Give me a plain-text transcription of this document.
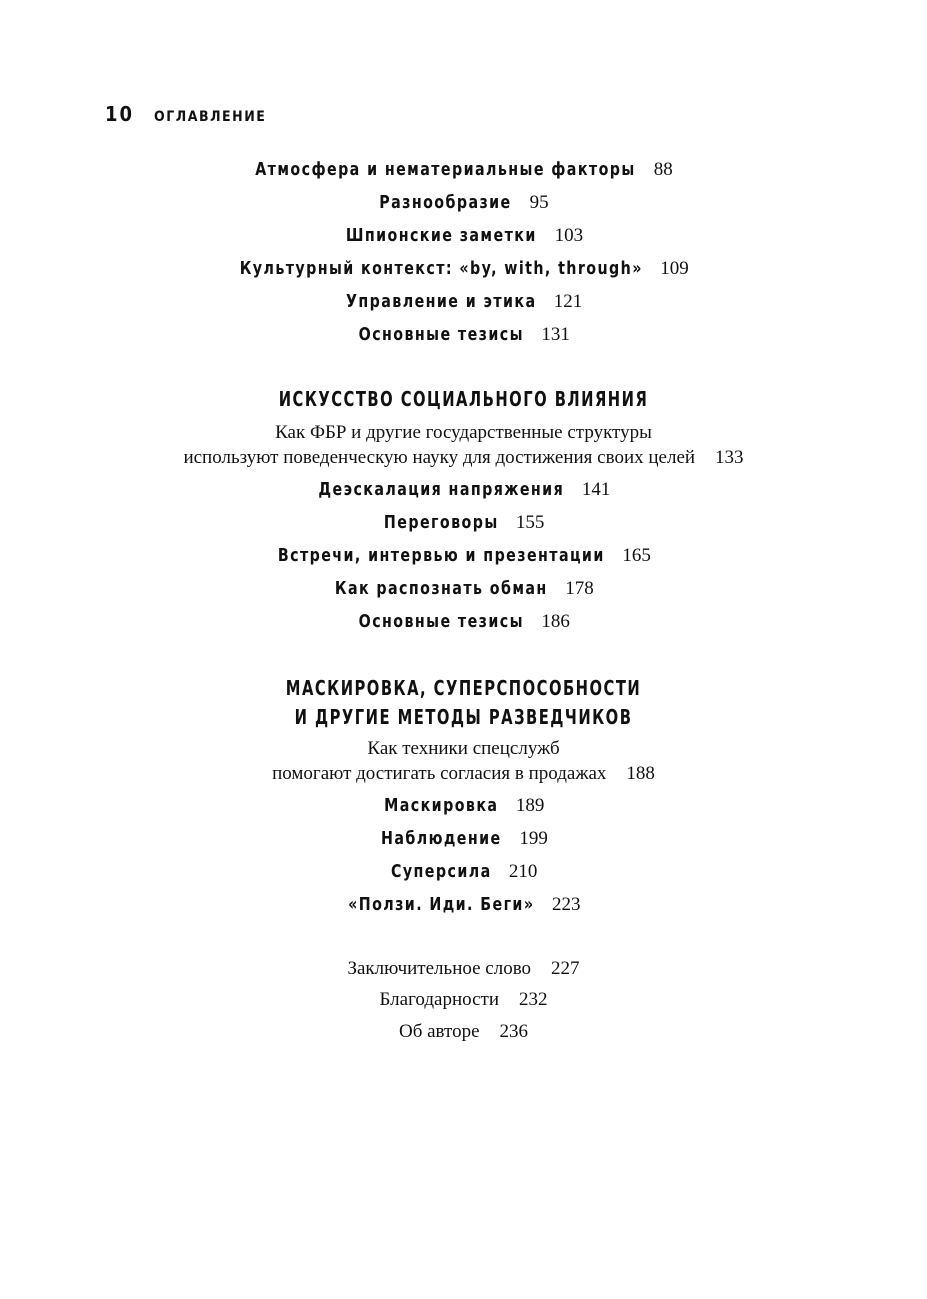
10 ОГЛАВЛЕНИЕ
Атмосфера и нематериальные факторы 88
Разнообразие 95
Шпионские заметки 103
Культурный контекст: «by, with, through» 109
Управление и этика 121
Основные тезисы 131
ИСКУССТВО СОЦИАЛЬНОГО ВЛИЯНИЯ
Как ФБР и другие государственные структуры
используют поведенческую науку для достижения своих целей 133
Деэскалация напряжения 141
Переговоры 155
Встречи, интервью и презентации 165
Как распознать обман 178
Основные тезисы 186
МАСКИРОВКА, СУПЕРСПОСОБНОСТИ
И ДРУГИЕ МЕТОДЫ РАЗВЕДЧИКОВ
Как техники спецслужб
помогают достигать согласия в продажах 188
Маскировка 189
Наблюдение 199
Суперсила 210
«Ползи. Иди. Беги» 223
Заключительное слово 227
Благодарности 232
Об авторе 236
